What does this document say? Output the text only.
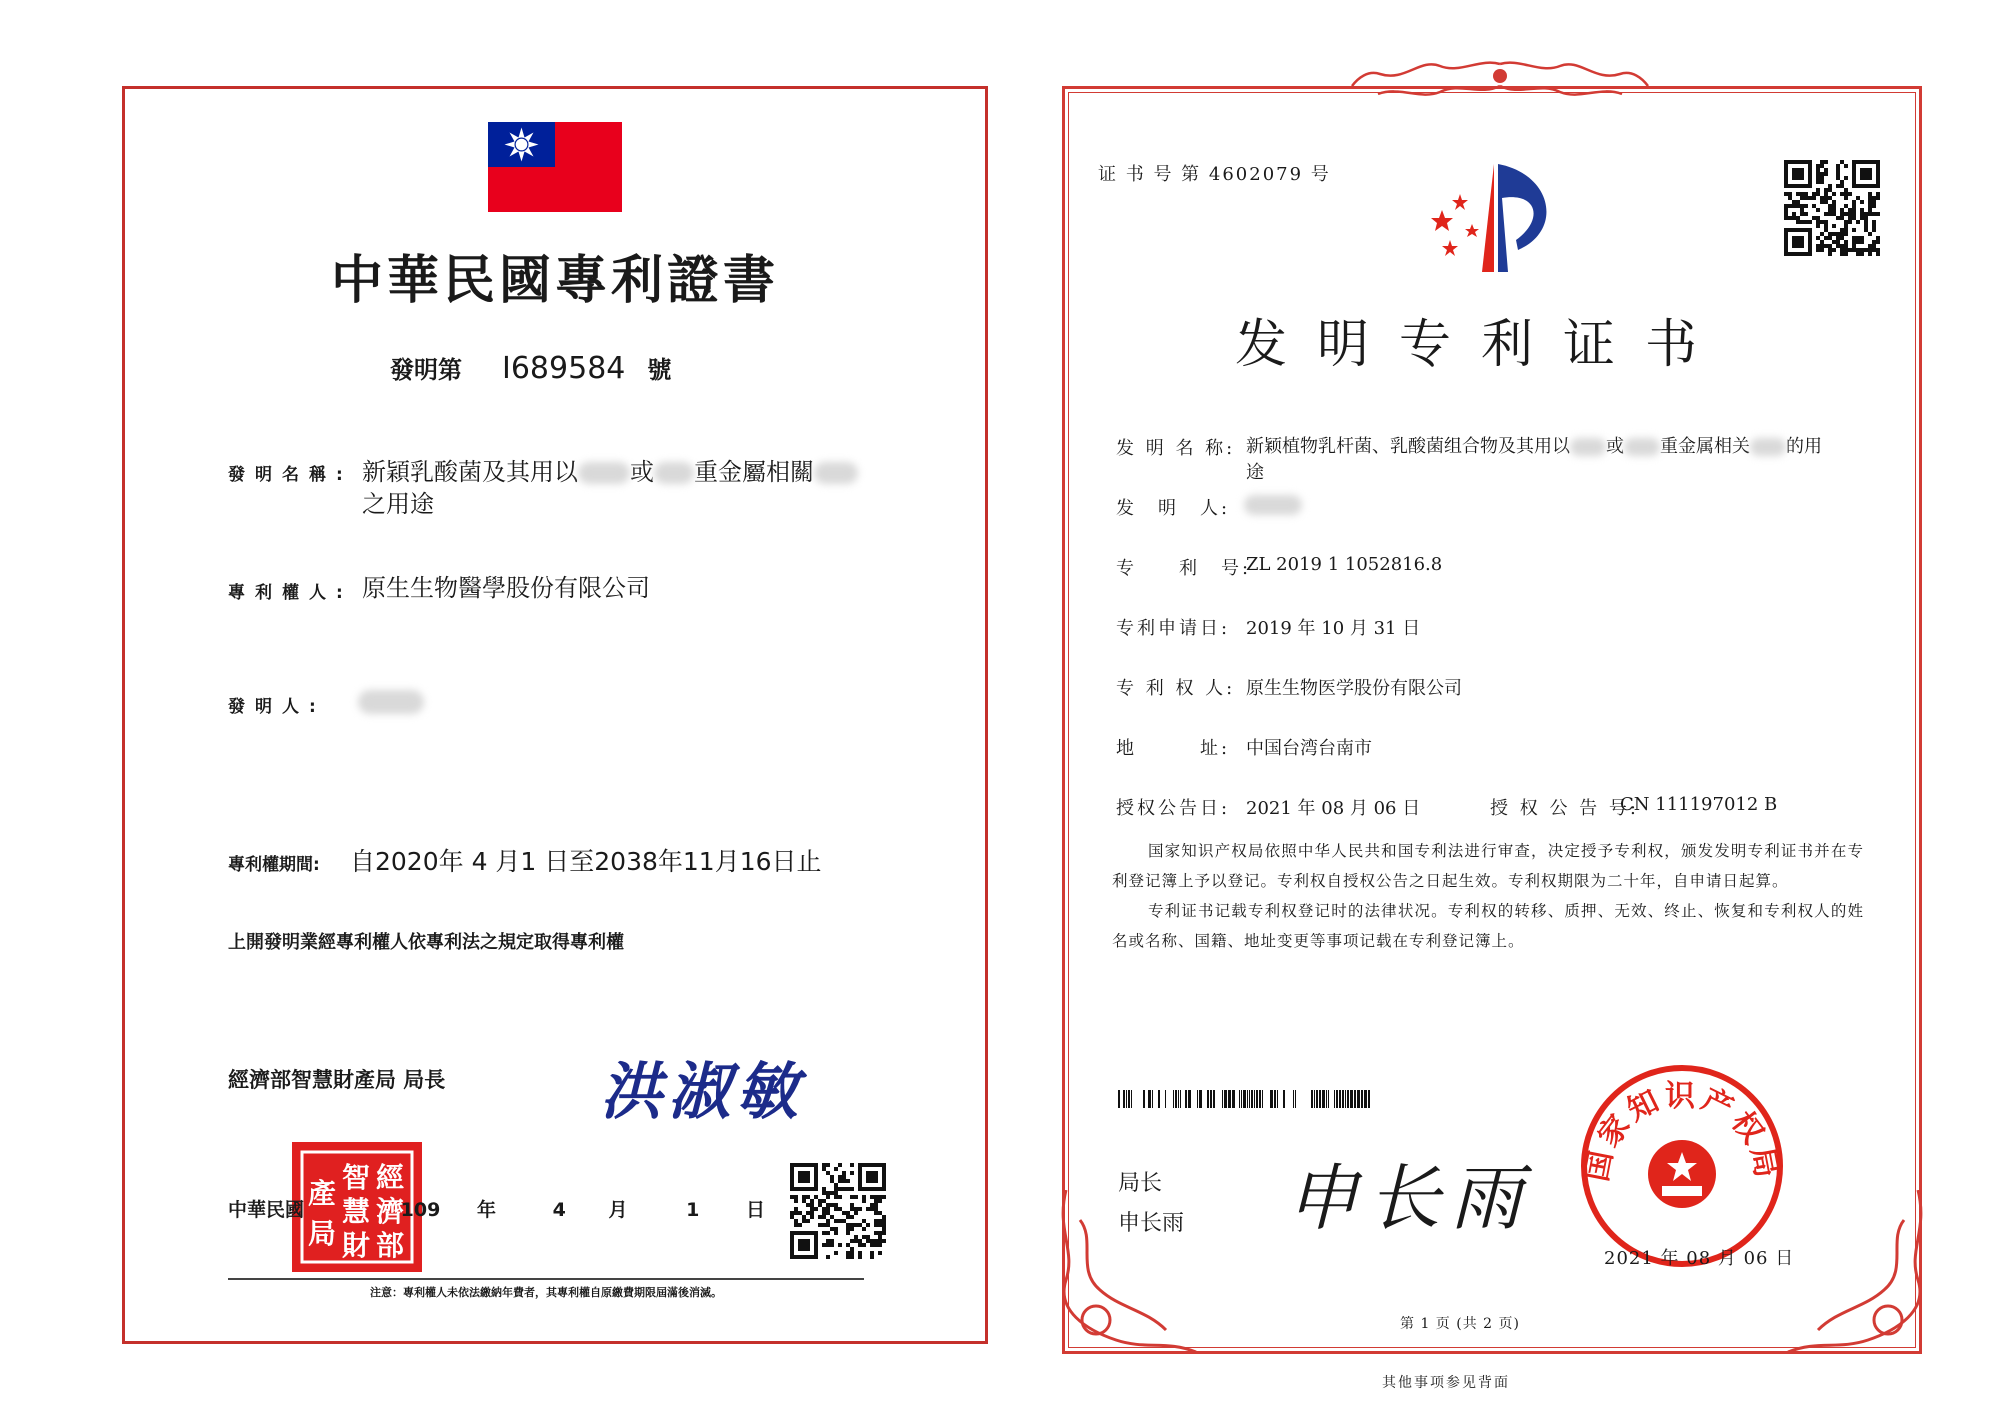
中華民國專利證書
發明第 I689584 號
發明名稱: 新穎乳酸菌及其用以 或 重金屬相關
之用途
專利權人: 原生生物醫學股份有限公司
發明人:
專利權期間: 自2020年 4 月1 日至2038年11月16日止
上開發明業經專利權人依專利法之規定取得專利權
經濟部智慧財產局 局長 洪淑敏
經
濟
部
智
慧
財
產
局
中華民國	109 年	4 月	1 日
注意：專利權人未依法繳納年費者，其專利權自原繳費期限屆滿後消滅。
证 书 号 第 4602079 号
发明专利证书
发 明 名 称: 新颖植物乳杆菌、乳酸菌组合物及其用以 或 重金属相关 的用
途
发　明　人:
专　　利　号:
ZL 2019 1 1052816.8
专利申请日: 2019 年 10 月 31 日
专 利 权 人: 原生生物医学股份有限公司
地　　　址: 中国台湾台南市
授权公告日: 2021 年 08 月 06 日	授 权 公 告 号:
CN 111197012 B

国家知识产权局依照中华人民共和国专利法进行审查，决定授予专利权，颁发发明专利证书并在专利登记簿上予以登记。专利权自授权公告之日起生效。专利权期限为二十年，自申请日起算。

专利证书记载专利权登记时的法律状况。专利权的转移、质押、无效、终止、恢复和专利权人的姓名或名称、国籍、地址变更等事项记载在专利登记簿上。

局长
申长雨 申长雨 国家知识产权局
2021 年 08 月 06 日
第 1 页 (共 2 页)
其他事项参见背面
